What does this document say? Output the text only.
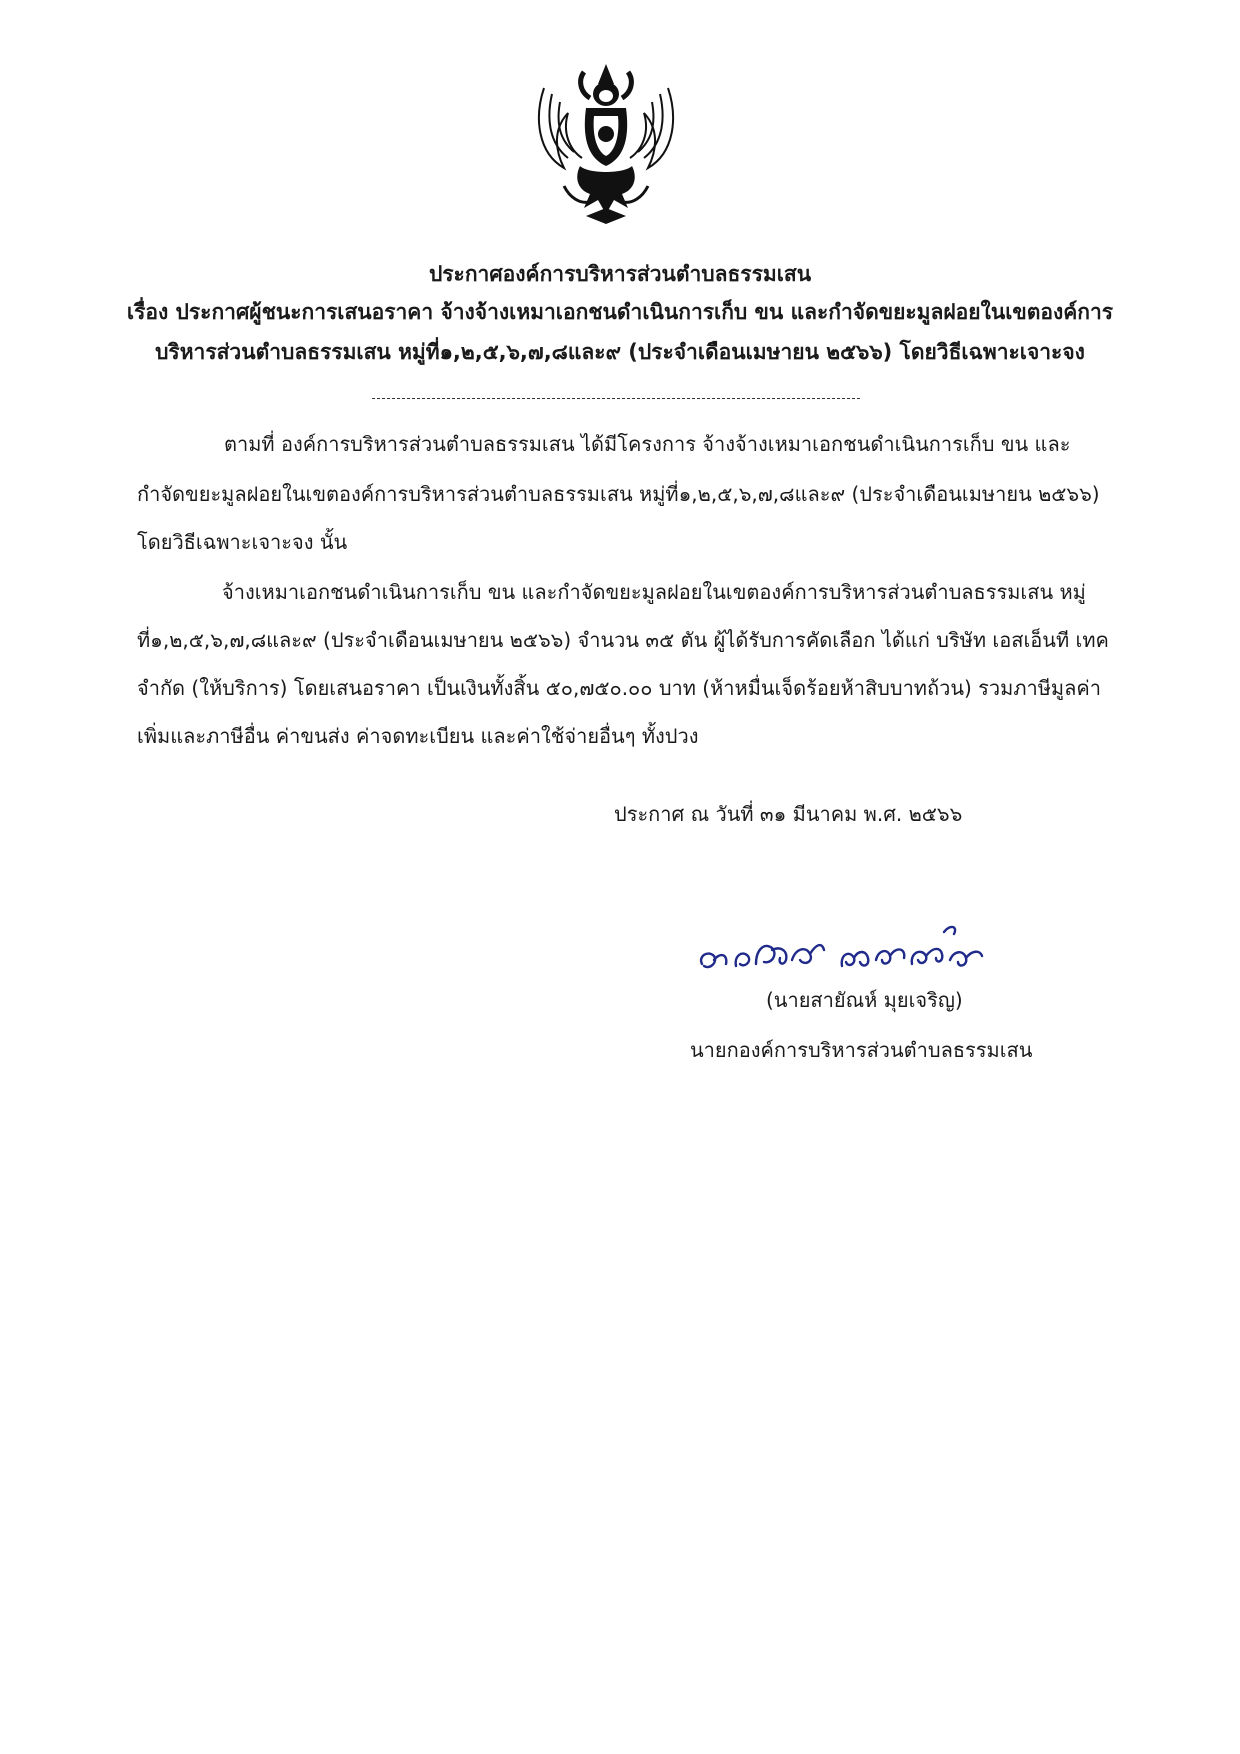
ประกาศองค์การบริหารส่วนตำบลธรรมเสน
เรื่อง ประกาศผู้ชนะการเสนอราคา จ้างจ้างเหมาเอกชนดำเนินการเก็บ ขน และกำจัดขยะมูลฝอยในเขตองค์การ
บริหารส่วนตำบลธรรมเสน หมู่ที่๑,๒,๕,๖,๗,๘และ๙ (ประจำเดือนเมษายน ๒๕๖๖) โดยวิธีเฉพาะเจาะจง
ตามที่ องค์การบริหารส่วนตำบลธรรมเสน ได้มีโครงการ จ้างจ้างเหมาเอกชนดำเนินการเก็บ ขน และ
กำจัดขยะมูลฝอยในเขตองค์การบริหารส่วนตำบลธรรมเสน หมู่ที่๑,๒,๕,๖,๗,๘และ๙ (ประจำเดือนเมษายน ๒๕๖๖)
โดยวิธีเฉพาะเจาะจง นั้น
จ้างเหมาเอกชนดำเนินการเก็บ ขน และกำจัดขยะมูลฝอยในเขตองค์การบริหารส่วนตำบลธรรมเสน หมู่
ที่๑,๒,๕,๖,๗,๘และ๙ (ประจำเดือนเมษายน ๒๕๖๖) จำนวน ๓๕ ตัน ผู้ได้รับการคัดเลือก ได้แก่ บริษัท เอสเอ็นที เทค
จำกัด (ให้บริการ) โดยเสนอราคา เป็นเงินทั้งสิ้น ๕๐,๗๕๐.๐๐ บาท (ห้าหมื่นเจ็ดร้อยห้าสิบบาทถ้วน) รวมภาษีมูลค่า
เพิ่มและภาษีอื่น ค่าขนส่ง ค่าจดทะเบียน และค่าใช้จ่ายอื่นๆ ทั้งปวง
ประกาศ ณ วันที่ ๓๑ มีนาคม พ.ศ. ๒๕๖๖
(นายสายัณห์ มุยเจริญ)
นายกองค์การบริหารส่วนตำบลธรรมเสน
